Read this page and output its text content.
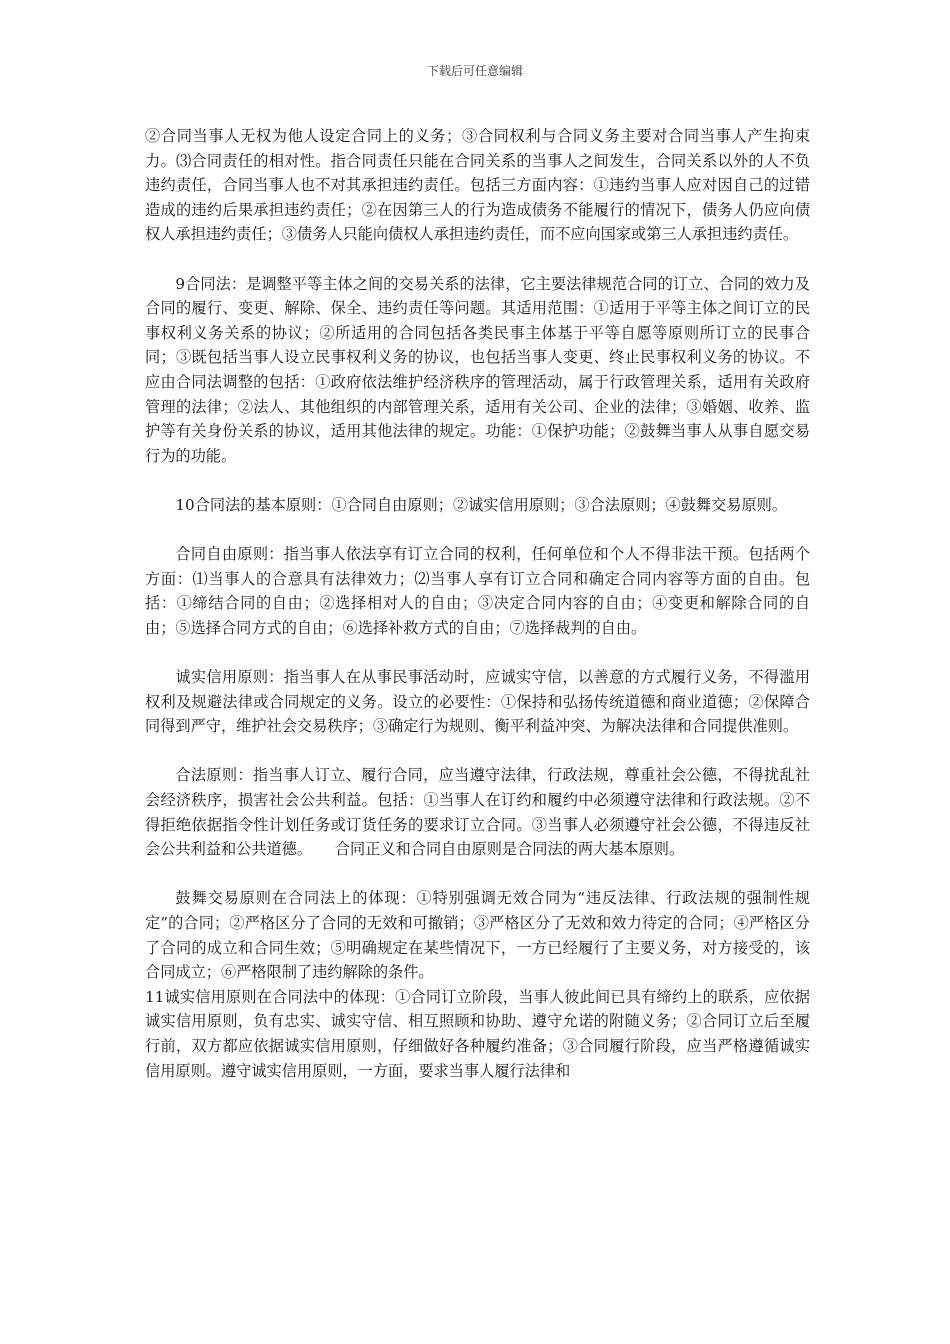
下载后可任意编辑

②合同当事人无权为他人设定合同上的义务；③合同权利与合同义务主要对合同当事人产生拘束力。⑶合同责任的相对性。指合同责任只能在合同关系的当事人之间发生，合同关系以外的人不负违约责任，合同当事人也不对其承担违约责任。包括三方面内容：①违约当事人应对因自己的过错造成的违约后果承担违约责任；②在因第三人的行为造成债务不能履行的情况下，债务人仍应向债权人承担违约责任；③债务人只能向债权人承担违约责任，而不应向国家或第三人承担违约责任。

9合同法：是调整平等主体之间的交易关系的法律，它主要法律规范合同的订立、合同的效力及合同的履行、变更、解除、保全、违约责任等问题。其适用范围：①适用于平等主体之间订立的民事权利义务关系的协议；②所适用的合同包括各类民事主体基于平等自愿等原则所订立的民事合同；③既包括当事人设立民事权利义务的协议，也包括当事人变更、终止民事权利义务的协议。不应由合同法调整的包括：①政府依法维护经济秩序的管理活动，属于行政管理关系，适用有关政府管理的法律；②法人、其他组织的内部管理关系，适用有关公司、企业的法律；③婚姻、收养、监护等有关身份关系的协议，适用其他法律的规定。功能：①保护功能；②鼓舞当事人从事自愿交易行为的功能。

10合同法的基本原则：①合同自由原则；②诚实信用原则；③合法原则；④鼓舞交易原则。

合同自由原则：指当事人依法享有订立合同的权利，任何单位和个人不得非法干预。包括两个方面：⑴当事人的合意具有法律效力；⑵当事人享有订立合同和确定合同内容等方面的自由。包括：①缔结合同的自由；②选择相对人的自由；③决定合同内容的自由；④变更和解除合同的自由；⑤选择合同方式的自由；⑥选择补救方式的自由；⑦选择裁判的自由。

诚实信用原则：指当事人在从事民事活动时，应诚实守信，以善意的方式履行义务，不得滥用权利及规避法律或合同规定的义务。设立的必要性：①保持和弘扬传统道德和商业道德；②保障合同得到严守，维护社会交易秩序；③确定行为规则、衡平利益冲突、为解决法律和合同提供准则。

合法原则：指当事人订立、履行合同，应当遵守法律，行政法规，尊重社会公德，不得扰乱社会经济秩序，损害社会公共利益。包括：①当事人在订约和履约中必须遵守法律和行政法规。②不得拒绝依据指令性计划任务或订货任务的要求订立合同。③当事人必须遵守社会公德，不得违反社会公共利益和公共道德。　　合同正义和合同自由原则是合同法的两大基本原则。

鼓舞交易原则在合同法上的体现：①特别强调无效合同为“违反法律、行政法规的强制性规定”的合同；②严格区分了合同的无效和可撤销；③严格区分了无效和效力待定的合同；④严格区分了合同的成立和合同生效；⑤明确规定在某些情况下，一方已经履行了主要义务，对方接受的，该合同成立；⑥严格限制了违约解除的条件。

11诚实信用原则在合同法中的体现：①合同订立阶段，当事人彼此间已具有缔约上的联系，应依据诚实信用原则，负有忠实、诚实守信、相互照顾和协助、遵守允诺的附随义务；②合同订立后至履行前，双方都应依据诚实信用原则，仔细做好各种履约准备；③合同履行阶段，应当严格遵循诚实信用原则。遵守诚实信用原则，一方面，要求当事人履行法律和
